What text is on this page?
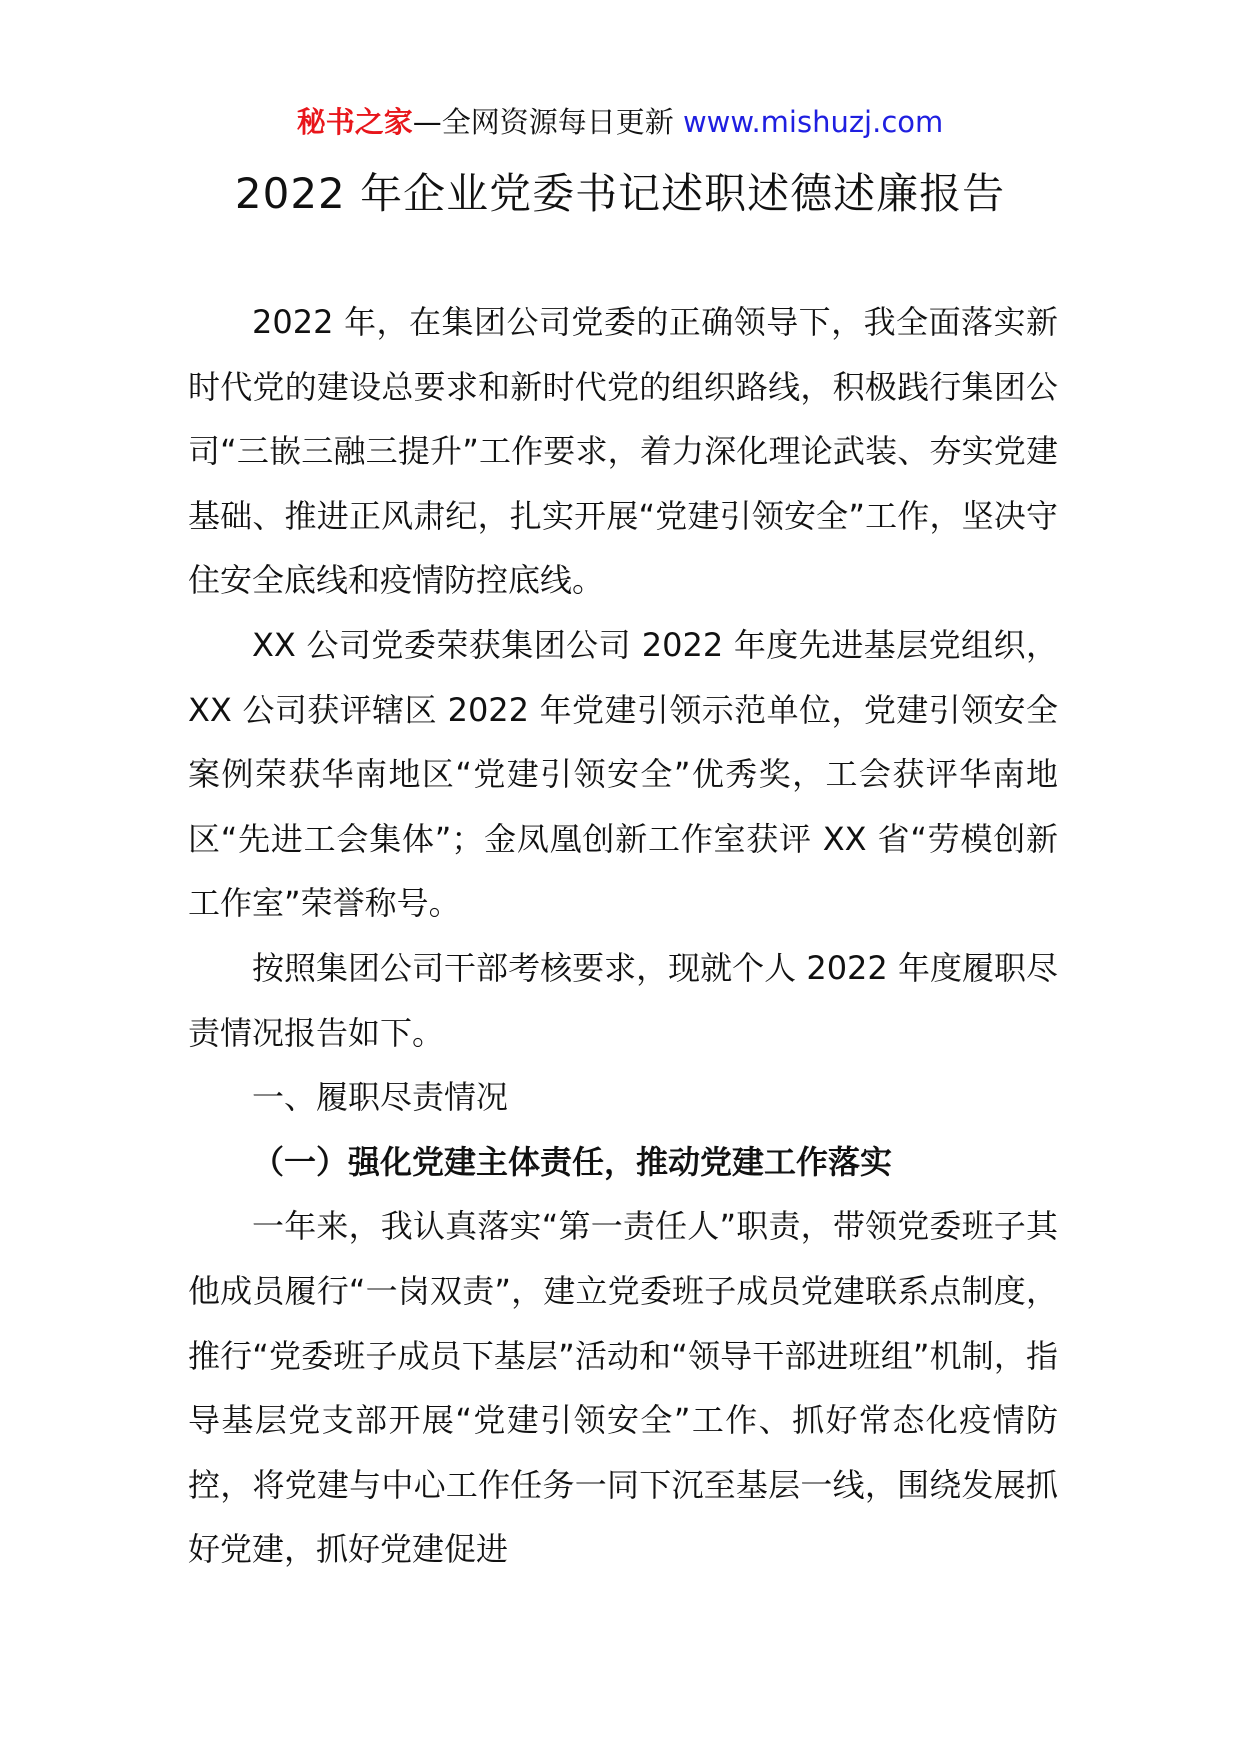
秘书之家—全网资源每日更新 www.mishuzj.com
2022 年企业党委书记述职述德述廉报告

2022 年，在集团公司党委的正确领导下，我全面落实新时代党的建设总要求和新时代党的组织路线，积极践行集团公司“三嵌三融三提升”工作要求，着力深化理论武装、夯实党建基础、推进正风肃纪，扎实开展“党建引领安全”工作，坚决守住安全底线和疫情防控底线。

XX 公司党委荣获集团公司 2022 年度先进基层党组织，XX 公司获评辖区 2022 年党建引领示范单位，党建引领安全案例荣获华南地区“党建引领安全”优秀奖，工会获评华南地区“先进工会集体”；金凤凰创新工作室获评 XX 省“劳模创新工作室”荣誉称号。

按照集团公司干部考核要求，现就个人 2022 年度履职尽责情况报告如下。

一、履职尽责情况

（一）强化党建主体责任，推动党建工作落实

一年来，我认真落实“第一责任人”职责，带领党委班子其他成员履行“一岗双责”，建立党委班子成员党建联系点制度，推行“党委班子成员下基层”活动和“领导干部进班组”机制，指导基层党支部开展“党建引领安全”工作、抓好常态化疫情防控，将党建与中心工作任务一同下沉至基层一线，围绕发展抓好党建，抓好党建促进
